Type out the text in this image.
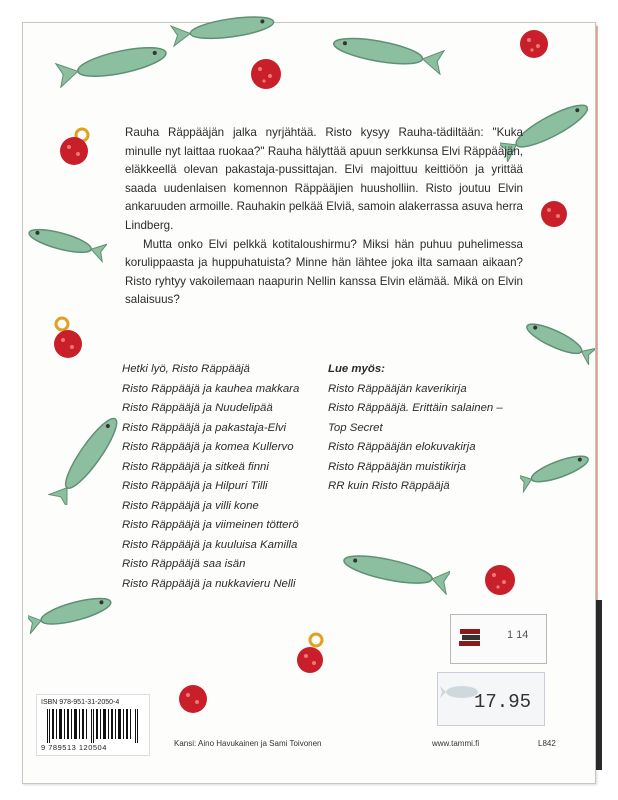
Rauha Räppääjän jalka nyrjähtää. Risto kysyy Rauha-tädiltään: "Kuka minulle nyt laittaa ruokaa?" Rauha hälyttää apuun serkkunsa Elvi Räppääjän, eläkkeellä olevan pakastaja-pussittajan. Elvi majoittuu keittiöön ja yrittää saada uudenlaisen komennon Räppääjien huusholliin. Risto joutuu Elvin ankaruuden armoille. Rauhakin pelkää Elviä, samoin alakerrassa asuva herra Lindberg.

Mutta onko Elvi pelkkä kotitaloushirmu? Miksi hän puhuu puhelimessa korulippaasta ja huppuhatuista? Minne hän lähtee joka ilta samaan aikaan? Risto ryhtyy vakoilemaan naapurin Nellin kanssa Elvin elämää. Mikä on Elvin salaisuus?

Hetki lyö, Risto Räppääjä
Risto Räppääjä ja kauhea makkara
Risto Räppääjä ja Nuudelipää
Risto Räppääjä ja pakastaja-Elvi
Risto Räppääjä ja komea Kullervo
Risto Räppääjä ja sitkeä finni
Risto Räppääjä ja Hilpuri Tilli
Risto Räppääjä ja villi kone
Risto Räppääjä ja viimeinen tötterö
Risto Räppääjä ja kuuluisa Kamilla
Risto Räppääjä saa isän
Risto Räppääjä ja nukkavieru Nelli
Lue myös:
Risto Räppääjän kaverikirja
Risto Räppääjä. Erittäin salainen –
Top Secret
Risto Räppääjän elokuvakirja
Risto Räppääjän muistikirja
RR kuin Risto Räppääjä
ISBN 978-951-31-2050-4
9 789513 120504	Kansi: Aino Havukainen ja Sami Toivonen	www.tammi.fi	L842
1 14
17.95
